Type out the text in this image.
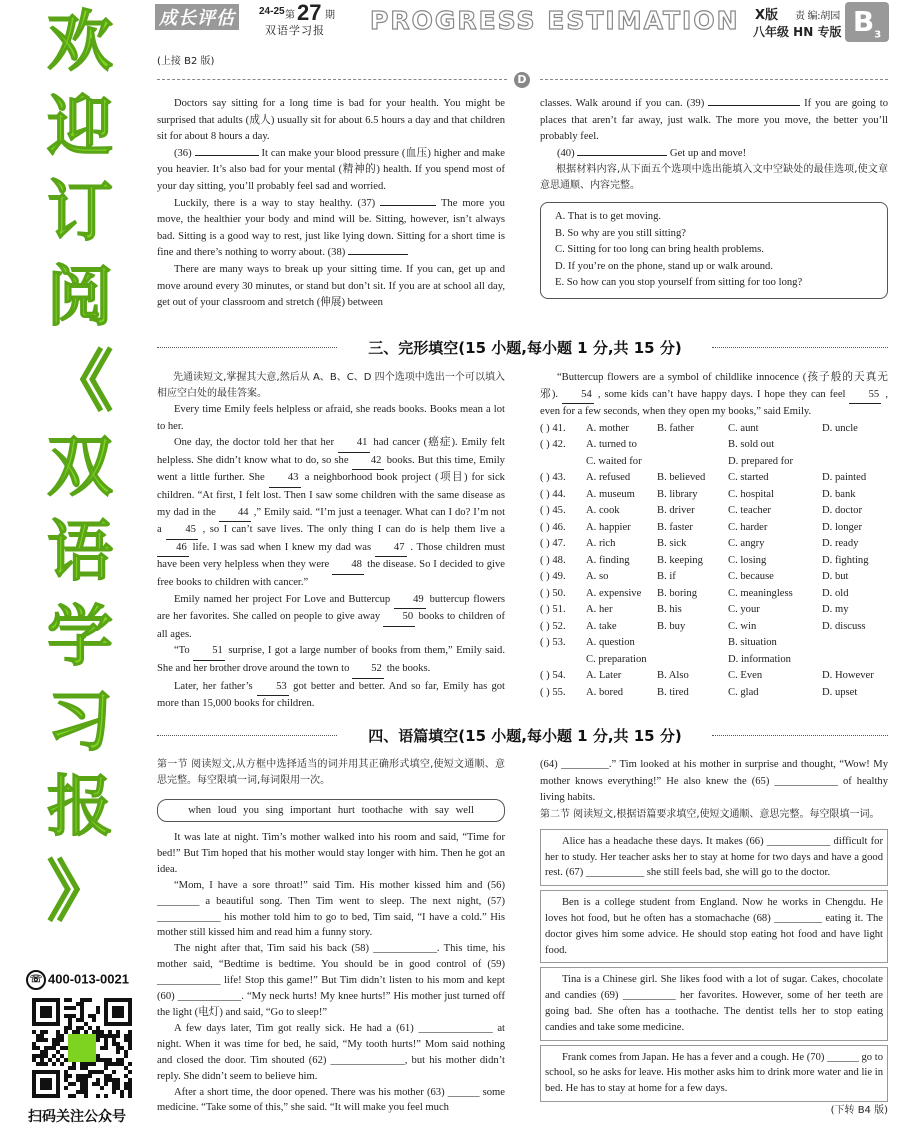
欢
迎
订
阅
《
双
语
学
习
报
》
☏ 400-013-0021
扫码关注公众号
成长评估	24-25 第 27 期
双语学习报 PROGRESS ESTIMATION X版 责 编:胡园
八年级 HN 专版 $B_3$
(上接 B2 版)
D

Doctors say sitting for a long time is bad for your health. You might be surprised that adults (成人) usually sit for about 6.5 hours a day and that children sit for about 8 hours a day.

(36)	It can make your blood pressure (血压) higher and make you heavier. It’s also bad for your mental (精神的) health. If you spend most of your day sitting, you’ll probably feel sad and worried.

Luckily, there is a way to stay healthy. (37)	The more you move, the healthier your body and mind will be. Sitting, however, isn’t always bad. Sitting is a good way to rest, just like lying down. Sitting for a short time is fine and there’s nothing to worry about. (38)

There are many ways to break up your sitting time. If you can, get up and move around every 30 minutes, or stand but don’t sit. If you are at school all day, get out of your classroom and stretch (伸展) between

classes. Walk around if you can. (39)	If you are going to places that aren’t far away, just walk. The more you move, the better you’ll probably feel.

(40)	Get up and move!

根据材料内容,从下面五个选项中选出能填入文中空缺处的最佳选项,使文章意思通顺、内容完整。

A. That is to get moving.
B. So why are you still sitting?
C. Sitting for too long can bring health problems.
D. If you’re on the phone, stand up or walk around.
E. So how can you stop yourself from sitting for too long?
三、完形填空(15 小题,每小题 1 分,共 15 分)

先通读短文,掌握其大意,然后从 A、B、C、D 四个选项中选出一个可以填入相应空白处的最佳答案。

Every time Emily feels helpless or afraid, she reads books. Books mean a lot to her.

One day, the doctor told her that her 41 had cancer (癌症). Emily felt helpless. She didn’t know what to do, so she 42 books. But this time, Emily went a little further. She 43 a neighborhood book project (项目) for sick children. “At first, I felt lost. Then I saw some children with the same disease as my dad in the 44 ,” Emily said. “I’m just a teenager. What can I do? I’m not a 45 , so I can’t save lives. The only thing I can do is help them live a 46 life. I was sad when I knew my dad was 47 . Those children must have been very helpless when they were 48 the disease. So I decided to give free books to children with cancer.”

Emily named her project For Love and Buttercup 49 buttercup flowers are her favorites. She called on people to give away 50 books to children of all ages.

“To 51 surprise, I got a large number of books from them,” Emily said. She and her brother drove around the town to 52 the books.

Later, her father’s 53 got better and better. And so far, Emily has got more than 15,000 books for children.

“Buttercup flowers are a symbol of childlike innocence (孩子般的天真无邪). 54 , some kids can’t have happy days. I hope they can feel 55 , even for a few seconds, when they open my books,” said Emily.

( ) 41.	A. mother	B. father	C. aunt	D. uncle
( ) 42.	A. turned to	B. sold out
C. waited for	D. prepared for
( ) 43.	A. refused	B. believed	C. started	D. painted
( ) 44.	A. museum	B. library	C. hospital	D. bank
( ) 45.	A. cook	B. driver	C. teacher	D. doctor
( ) 46.	A. happier	B. faster	C. harder	D. longer
( ) 47.	A. rich	B. sick	C. angry	D. ready
( ) 48.	A. finding	B. keeping	C. losing	D. fighting
( ) 49.	A. so	B. if	C. because	D. but
( ) 50.	A. expensive	B. boring	C. meaningless	D. old
( ) 51.	A. her	B. his	C. your	D. my
( ) 52.	A. take	B. buy	C. win	D. discuss
( ) 53.	A. question	B. situation
C. preparation	D. information
( ) 54.	A. Later	B. Also	C. Even	D. However
( ) 55.	A. bored	B. tired	C. glad	D. upset
四、语篇填空(15 小题,每小题 1 分,共 15 分)

第一节 阅读短文,从方框中选择适当的词并用其正确形式填空,使短文通顺、意思完整。每空限填一词,每词限用一次。

when loud you sing important hurt toothache with say well

It was late at night. Tim’s mother walked into his room and said, “Time for bed!” But Tim hoped that his mother would stay longer with him. Then he got an idea.

“Mom, I have a sore throat!” said Tim. His mother kissed him and (56) ________ a beautiful song. Then Tim went to sleep. The next night, (57) ____________ his mother told him to go to bed, Tim said, “I have a cold.” His mother still kissed him and read him a funny story.

The night after that, Tim said his back (58) ____________. This time, his mother said, “Bedtime is bedtime. You should be in good control of (59) ____________ life! Stop this game!” But Tim didn’t listen to his mom and kept (60) ____________. “My neck hurts! My knee hurts!” His mother just turned off the light (电灯) and said, “Go to sleep!”

A few days later, Tim got really sick. He had a (61) ______________ at night. When it was time for bed, he said, “My tooth hurts!” Mom said nothing and closed the door. Tim shouted (62) ______________, but his mother didn’t reply. She didn’t seem to believe him.

After a short time, the door opened. There was his mother (63) ______ some medicine. “Take some of this,” she said. “It will make you feel much

(64) _________.” Tim looked at his mother in surprise and thought, “Wow! My mother knows everything!” He also knew the (65) ____________ of healthy living habits.

第二节 阅读短文,根据语篇要求填空,使短文通顺、意思完整。每空限填一词。

Alice has a headache these days. It makes (66) ____________ difficult for her to study. Her teacher asks her to stay at home for two days and have a good rest. (67) ___________ she still feels bad, she will go to the doctor.
Ben is a college student from England. Now he works in Chengdu. He loves hot food, but he often has a stomachache (68) _________ eating it. The doctor gives him some advice. He should stop eating hot food and have light food.
Tina is a Chinese girl. She likes food with a lot of sugar. Cakes, chocolate and candies (69) __________ her favorites. However, some of her teeth are going bad. She often has a toothache. The dentist tells her to stop eating candies and take some medicine.
Frank comes from Japan. He has a fever and a cough. He (70) ______ go to school, so he asks for leave. His mother asks him to drink more water and lie in bed. He has to stay at home for a few days.
(下转 B4 版)
